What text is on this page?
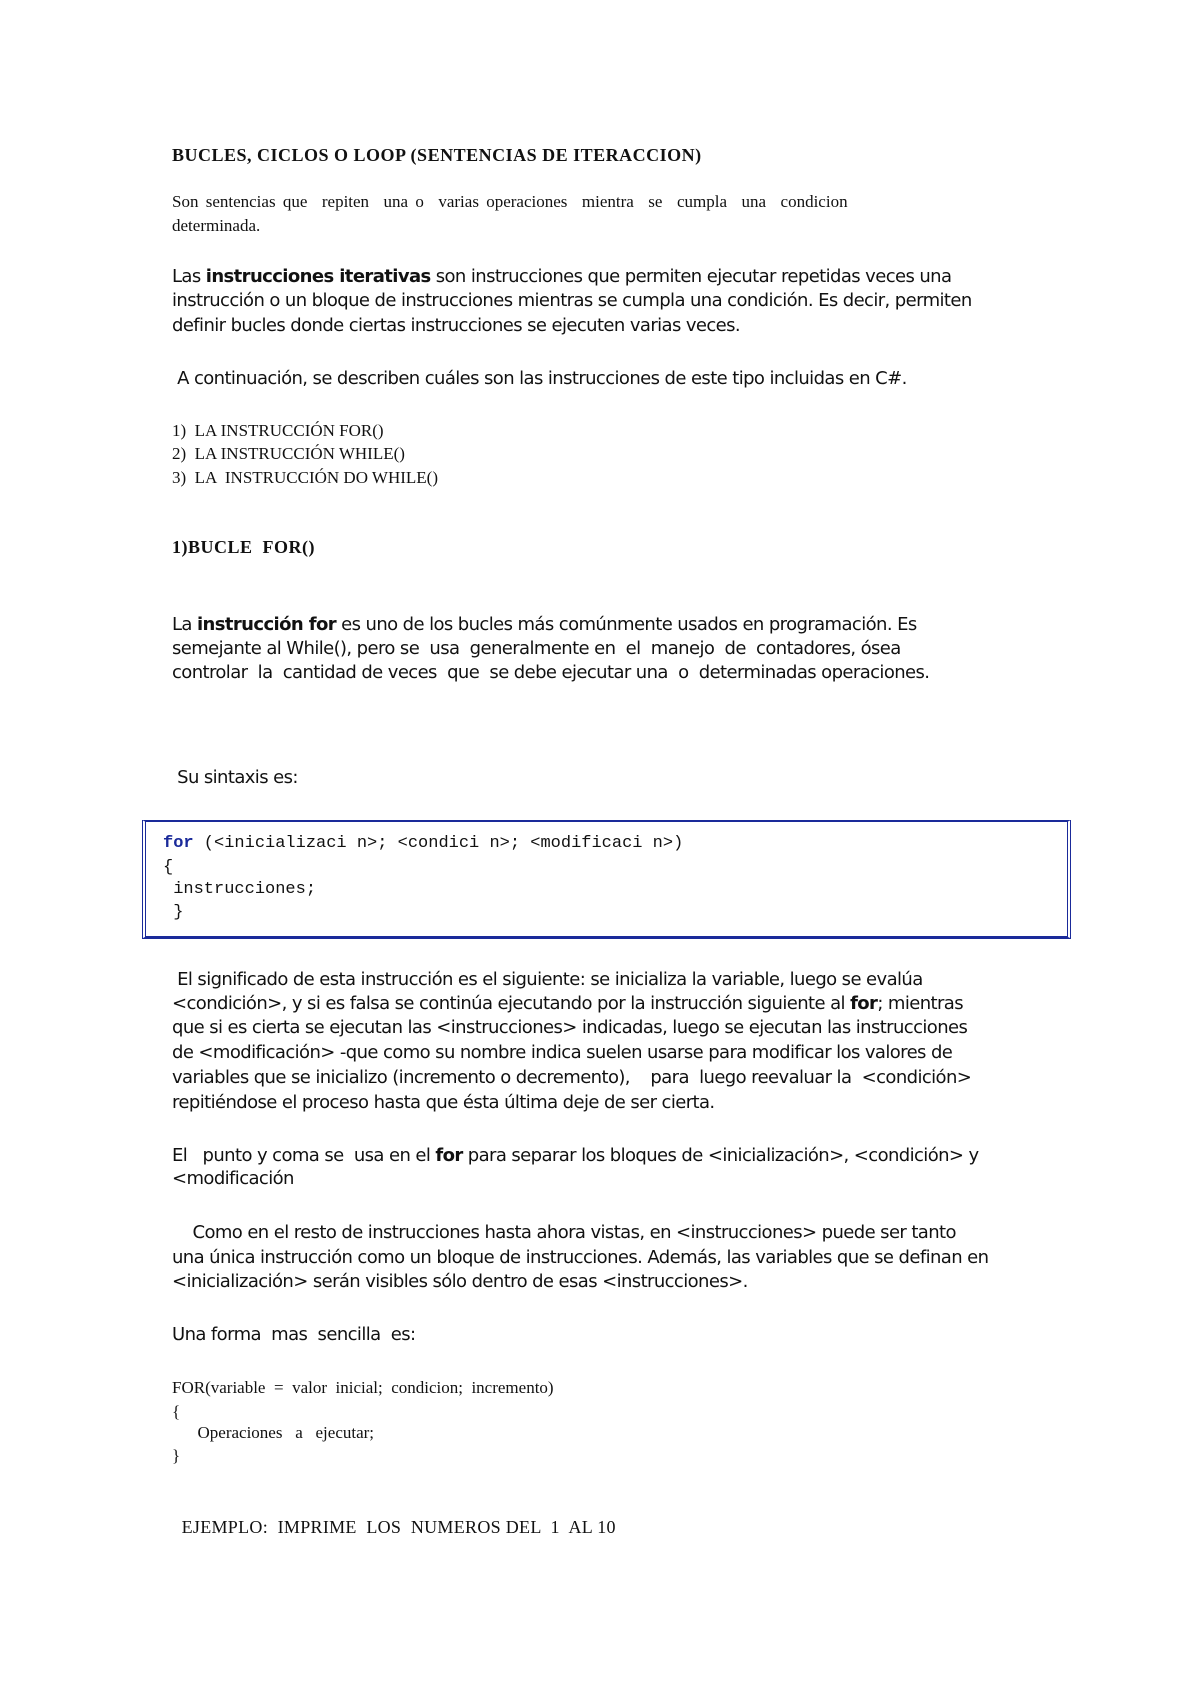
BUCLES, CICLOS O LOOP (SENTENCIAS DE ITERACCION)
Son sentencias que  repiten  una o  varias operaciones  mientra  se  cumpla  una  condicion
determinada.
Las instrucciones iterativas son instrucciones que permiten ejecutar repetidas veces una
instrucción o un bloque de instrucciones mientras se cumpla una condición. Es decir, permiten
definir bucles donde ciertas instrucciones se ejecuten varias veces.
A continuación, se describen cuáles son las instrucciones de este tipo incluidas en C#.
1)  LA INSTRUCCIÓN FOR()
2)  LA INSTRUCCIÓN WHILE()
3)  LA  INSTRUCCIÓN DO WHILE()
1)BUCLE  FOR()
La instrucción for es uno de los bucles más comúnmente usados en programación. Es
semejante al While(), pero se  usa  generalmente en  el  manejo  de  contadores, ósea
controlar  la  cantidad de veces  que  se debe ejecutar una  o  determinadas operaciones.
Su sintaxis es:
for (<inicializaci n>; <condici n>; <modificaci n>)
{
instrucciones;
}
El significado de esta instrucción es el siguiente: se inicializa la variable, luego se evalúa
<condición>, y si es falsa se continúa ejecutando por la instrucción siguiente al for; mientras
que si es cierta se ejecutan las <instrucciones> indicadas, luego se ejecutan las instrucciones
de <modificación> -que como su nombre indica suelen usarse para modificar los valores de
variables que se inicializo (incremento o decremento),    para  luego reevaluar la  <condición>
repitiéndose el proceso hasta que ésta última deje de ser cierta.
El   punto y coma se  usa en el for para separar los bloques de <inicialización>, <condición> y
<modificación
Como en el resto de instrucciones hasta ahora vistas, en <instrucciones> puede ser tanto
una única instrucción como un bloque de instrucciones. Además, las variables que se definan en
<inicialización> serán visibles sólo dentro de esas <instrucciones>.
Una forma  mas  sencilla  es:
FOR(variable  =  valor  inicial;  condicion;  incremento)
{
Operaciones   a   ejecutar;
}
EJEMPLO:  IMPRIME  LOS  NUMEROS DEL  1  AL 10
